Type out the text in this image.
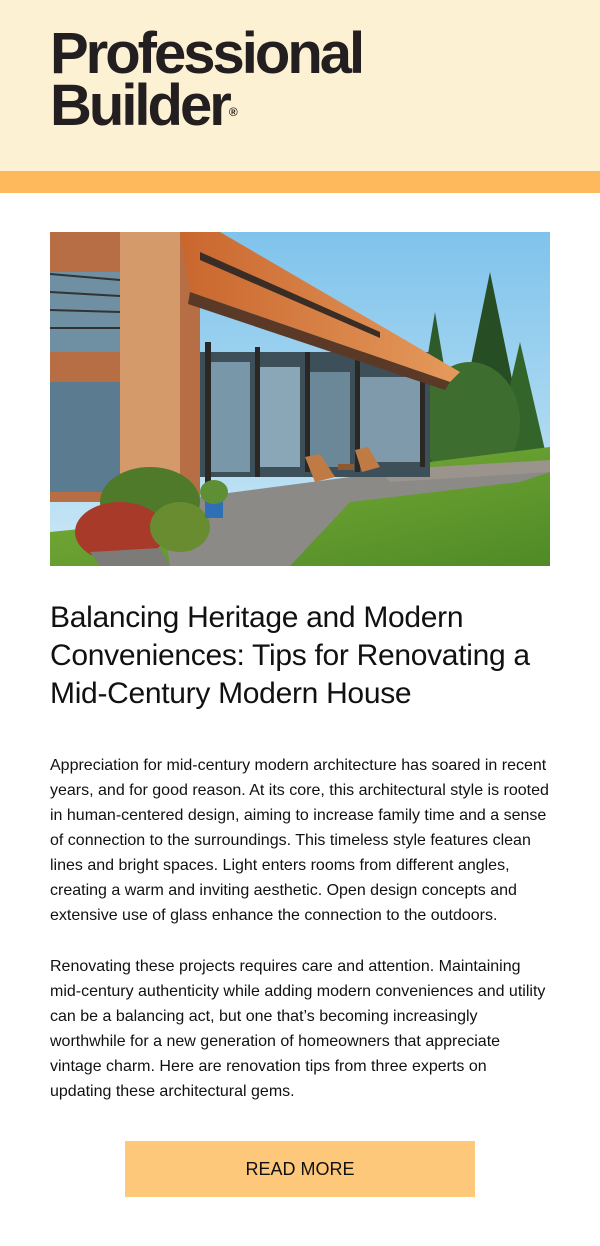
Professional
Builder®
Balancing Heritage and Modern Conveniences: Tips for Renovating a Mid-Century Modern House

Appreciation for mid-century modern architecture has soared in recent years, and for good reason. At its core, this architectural style is rooted in human-centered design, aiming to increase family time and a sense of connection to the surroundings. This timeless style features clean lines and bright spaces. Light enters rooms from different angles, creating a warm and inviting aesthetic. Open design concepts and extensive use of glass enhance the connection to the outdoors.

Renovating these projects requires care and attention. Maintaining mid-century authenticity while adding modern conveniences and utility can be a balancing act, but one that’s becoming increasingly worthwhile for a new generation of homeowners that appreciate vintage charm. Here are renovation tips from three experts on updating these architectural gems.

READ MORE
